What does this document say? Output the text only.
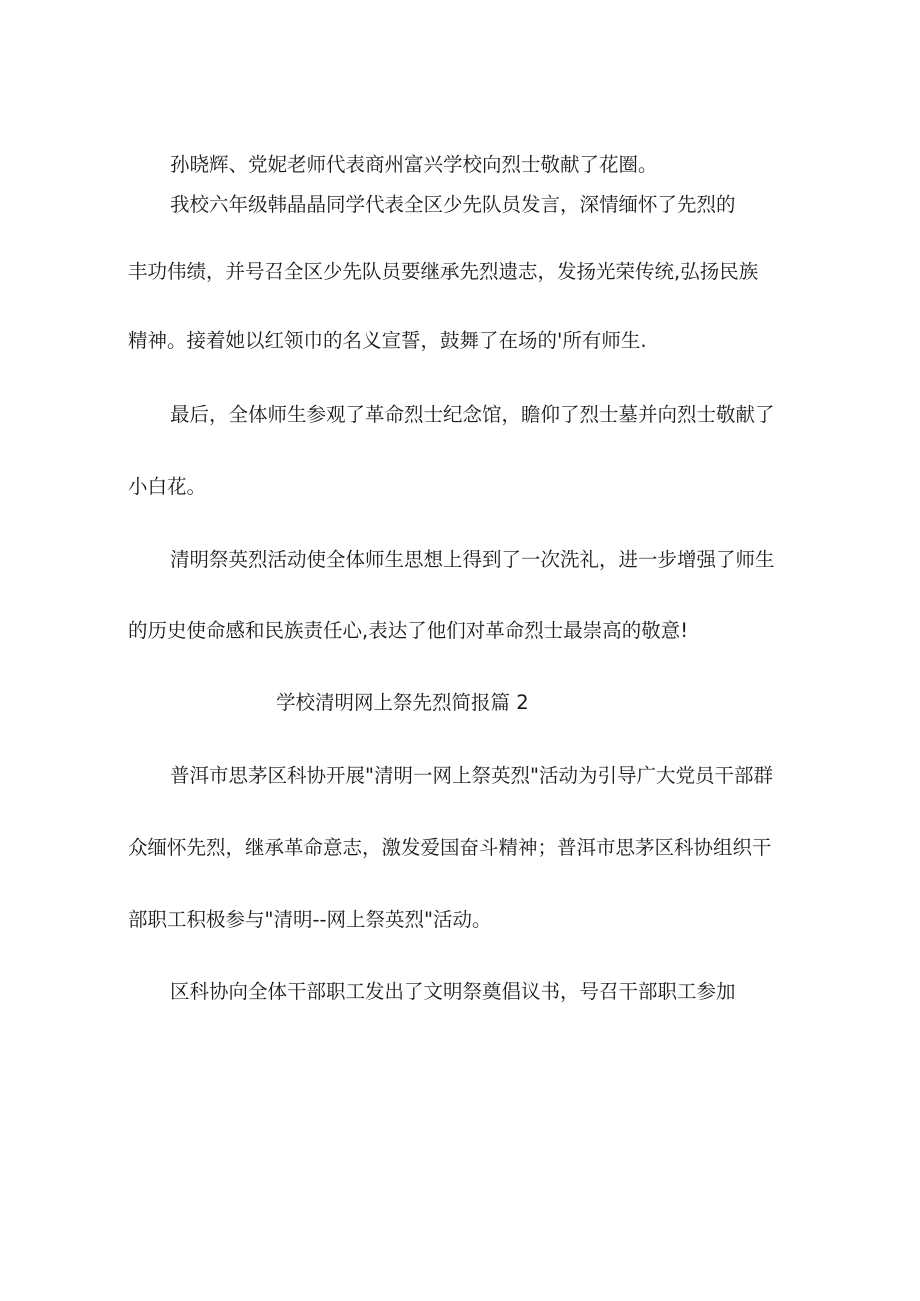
孙晓辉、党妮老师代表商州富兴学校向烈士敬献了花圈。
我校六年级韩晶晶同学代表全区少先队员发言，深情缅怀了先烈的
丰功伟绩，并号召全区少先队员要继承先烈遗志，发扬光荣传统,弘扬民族
精神。接着她以红领巾的名义宣誓，鼓舞了在场的'所有师生.
最后，全体师生参观了革命烈士纪念馆，瞻仰了烈士墓并向烈士敬献了
小白花。
清明祭英烈活动使全体师生思想上得到了一次洗礼，进一步增强了师生
的历史使命感和民族责任心,表达了他们对革命烈士最崇高的敬意!
学校清明网上祭先烈简报篇 2
普洱市思茅区科协开展"清明一网上祭英烈"活动为引导广大党员干部群
众缅怀先烈，继承革命意志，激发爱国奋斗精神；普洱市思茅区科协组织干
部职工积极参与"清明--网上祭英烈"活动。
区科协向全体干部职工发出了文明祭奠倡议书，号召干部职工参加
